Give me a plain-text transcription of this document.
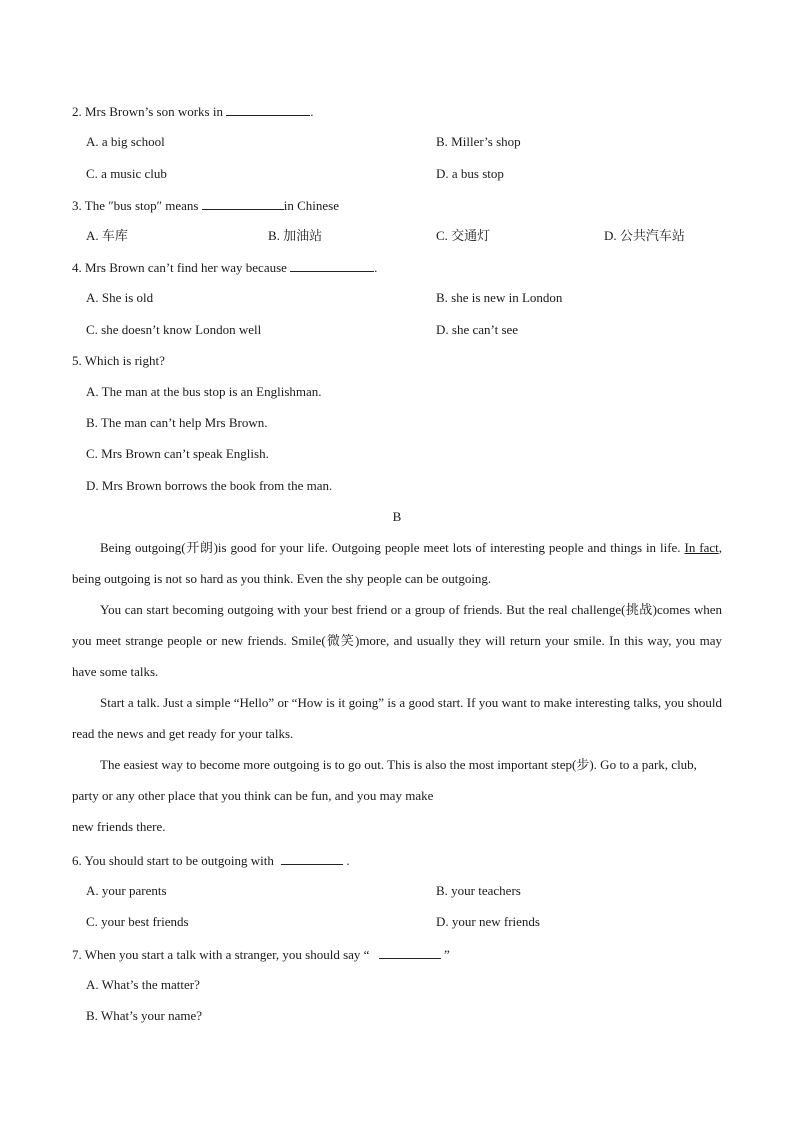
2. Mrs Brown’s son works in	.
A. a big school	B. Miller’s shop
C. a music club	D. a bus stop
3. The ″bus stop″ means	in Chinese
A. 车库	B. 加油站	C. 交通灯	D. 公共汽车站
4. Mrs Brown can’t find her way because	.
A. She is old	B. she is new in London
C. she doesn’t know London well	D. she can’t see
5. Which is right?
A. The man at the bus stop is an Englishman.
B. The man can’t help Mrs Brown.
C. Mrs Brown can’t speak English.
D. Mrs Brown borrows the book from the man.
B

Being outgoing(开朗)is good for your life. Outgoing people meet lots of interesting people and things in life. In fact, being outgoing is not so hard as you think. Even the shy people can be outgoing.

You can start becoming outgoing with your best friend or a group of friends. But the real challenge(挑战)comes when you meet strange people or new friends. Smile(微笑)more, and usually they will return your smile. In this way, you may have some talks.

Start a talk. Just a simple “Hello” or “How is it going” is a good start. If you want to make interesting talks, you should read the news and get ready for your talks.

The easiest way to become more outgoing is to go out. This is also the most important step(步). Go to a park, club, party or any other place that you think can be fun, and you may make

new friends there.

6. You should start to be outgoing with	.
A. your parents	B. your teachers
C. your best friends	D. your new friends
7. When you start a talk with a stranger, you should say “	”
A. What’s the matter?
B. What’s your name?
